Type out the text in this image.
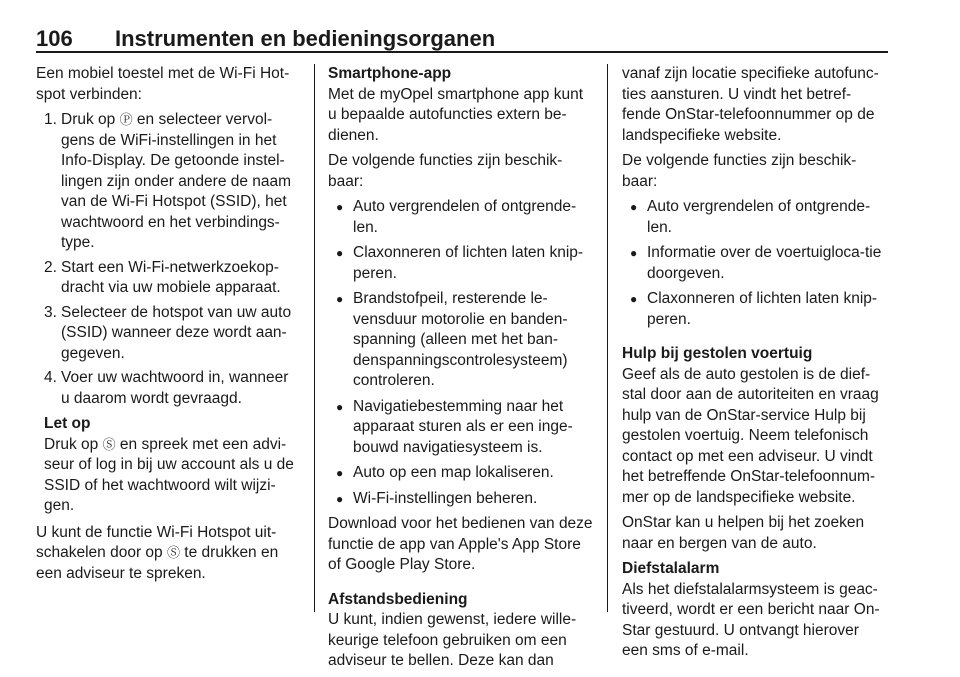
106 Instrumenten en bedieningsorganen

Een mobiel toestel met de Wi-Fi Hot-spot verbinden:

1. Druk op Ⓟ en selecteer vervol-gens de WiFi-instellingen in het Info-Display. De getoonde instel-lingen zijn onder andere de naam van de Wi-Fi Hotspot (SSID), het wachtwoord en het verbindings-type.
2. Start een Wi-Fi-netwerkzoekop-dracht via uw mobiele apparaat.
3. Selecteer de hotspot van uw auto (SSID) wanneer deze wordt aan-gegeven.
4. Voer uw wachtwoord in, wanneer u daarom wordt gevraagd.

Let op

Druk op Ⓢ en spreek met een advi-seur of log in bij uw account als u de SSID of het wachtwoord wilt wijzi-gen.

U kunt de functie Wi-Fi Hotspot uit-schakelen door op Ⓢ te drukken en een adviseur te spreken.

Smartphone-app

Met de myOpel smartphone app kunt u bepaalde autofuncties extern be-dienen.

De volgende functies zijn beschik-baar:

● Auto vergrendelen of ontgrende-len.
● Claxonneren of lichten laten knip-peren.
● Brandstofpeil, resterende le-vensduur motorolie en banden-spanning (alleen met het ban-denspanningscontrolesysteem) controleren.
● Navigatiebestemming naar het apparaat sturen als er een inge-bouwd navigatiesysteem is.
● Auto op een map lokaliseren.
● Wi-Fi-instellingen beheren.

Download voor het bedienen van deze functie de app van Apple's App Store of Google Play Store.

Afstandsbediening

U kunt, indien gewenst, iedere wille-keurige telefoon gebruiken om een adviseur te bellen. Deze kan dan

vanaf zijn locatie specifieke autofunc-ties aansturen. U vindt het betref-fende OnStar-telefoonnummer op de landspecifieke website.

De volgende functies zijn beschik-baar:

● Auto vergrendelen of ontgrende-len.
● Informatie over de voertuigloca-tie doorgeven.
● Claxonneren of lichten laten knip-peren.

Hulp bij gestolen voertuig

Geef als de auto gestolen is de dief-stal door aan de autoriteiten en vraag hulp van de OnStar-service Hulp bij gestolen voertuig. Neem telefonisch contact op met een adviseur. U vindt het betreffende OnStar-telefoonnum-mer op de landspecifieke website.

OnStar kan u helpen bij het zoeken naar en bergen van de auto.

Diefstalalarm

Als het diefstalalarmsysteem is geac-tiveerd, wordt er een bericht naar On-Star gestuurd. U ontvangt hierover een sms of e-mail.
